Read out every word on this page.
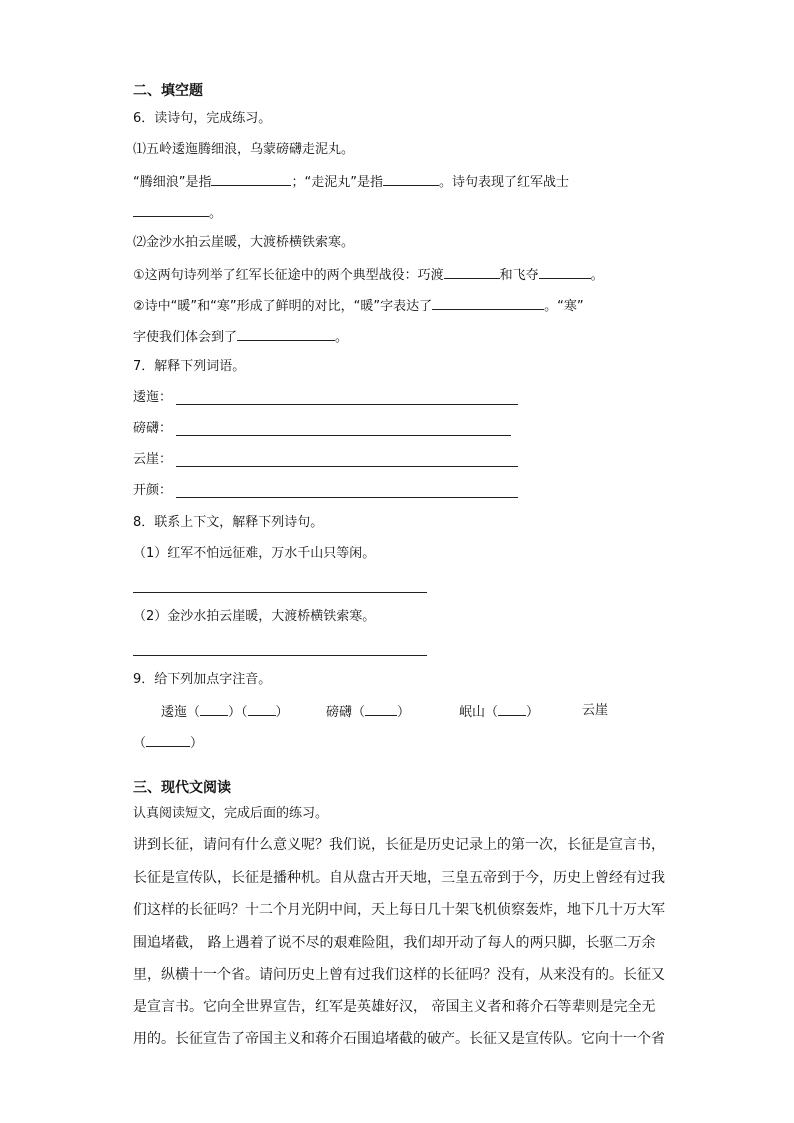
二、填空题
6．读诗句，完成练习。
⑴五岭逶迤腾细浪，乌蒙磅礴走泥丸。
“腾细浪”是指	；“走泥丸”是指	。诗句表现了红军战士
。
⑵金沙水拍云崖暖，大渡桥横铁索寒。
①这两句诗列举了红军长征途中的两个典型战役：巧渡	和飞夺	。
②诗中“暖”和“寒”形成了鲜明的对比，“暖”字表达了	。“寒”
字使我们体会到了	。
7．解释下列词语。
逶迤：
磅礴：
云崖：
开颜：
8．联系上下文，解释下列诗句。
（1）红军不怕远征难，万水千山只等闲。
（2）金沙水拍云崖暖，大渡桥横铁索寒。
9．给下列加点字注音。
逶迤（ ）（ ）	磅礴（ ）	岷山（ ）	云崖
（	）
三、现代文阅读
认真阅读短文，完成后面的练习。
讲到长征，请问有什么意义呢？我们说，长征是历史记录上的第一次，长征是宣言书，
长征是宣传队，长征是播种机。自从盘古开天地，三皇五帝到于今，历史上曾经有过我
们这样的长征吗？十二个月光阴中间，天上每日几十架飞机侦察轰炸，地下几十万大军
围追堵截， 路上遇着了说不尽的艰难险阻，我们却开动了每人的两只脚，长驱二万余
里，纵横十一个省。请问历史上曾有过我们这样的长征吗？没有，从来没有的。长征又
是宣言书。它向全世界宣告，红军是英雄好汉， 帝国主义者和蒋介石等辈则是完全无
用的。长征宣告了帝国主义和蒋介石围追堵截的破产。长征又是宣传队。它向十一个省
